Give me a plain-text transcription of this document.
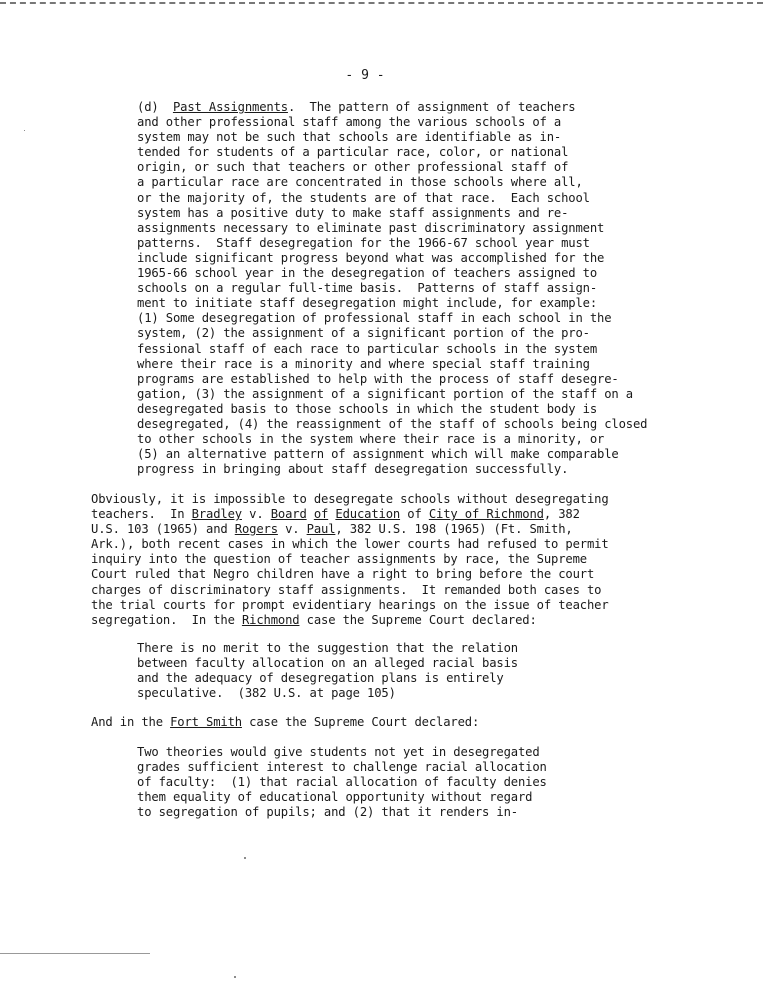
- 9 -
(d) Past Assignments.  The pattern of assignment of teachers
and other professional staff among the various schools of a
system may not be such that schools are identifiable as in-
tended for students of a particular race, color, or national
origin, or such that teachers or other professional staff of
a particular race are concentrated in those schools where all,
or the majority of, the students are of that race.  Each school
system has a positive duty to make staff assignments and re-
assignments necessary to eliminate past discriminatory assignment
patterns.  Staff desegregation for the 1966-67 school year must
include significant progress beyond what was accomplished for the
1965-66 school year in the desegregation of teachers assigned to
schools on a regular full-time basis.  Patterns of staff assign-
ment to initiate staff desegregation might include, for example:
(1) Some desegregation of professional staff in each school in the
system, (2) the assignment of a significant portion of the pro-
fessional staff of each race to particular schools in the system
where their race is a minority and where special staff training
programs are established to help with the process of staff desegre-
gation, (3) the assignment of a significant portion of the staff on a
desegregated basis to those schools in which the student body is
desegregated, (4) the reassignment of the staff of schools being closed
to other schools in the system where their race is a minority, or
(5) an alternative pattern of assignment which will make comparable
progress in bringing about staff desegregation successfully.
Obviously, it is impossible to desegregate schools without desegregating
teachers.  In Bradley v. Board of Education of City of Richmond, 382
U.S. 103 (1965) and Rogers v. Paul, 382 U.S. 198 (1965) (Ft. Smith,
Ark.), both recent cases in which the lower courts had refused to permit
inquiry into the question of teacher assignments by race, the Supreme
Court ruled that Negro children have a right to bring before the court
charges of discriminatory staff assignments.  It remanded both cases to
the trial courts for prompt evidentiary hearings on the issue of teacher
segregation.  In the Richmond case the Supreme Court declared:
There is no merit to the suggestion that the relation
between faculty allocation on an alleged racial basis
and the adequacy of desegregation plans is entirely
speculative.  (382 U.S. at page 105)
And in the Fort Smith case the Supreme Court declared:
Two theories would give students not yet in desegregated
grades sufficient interest to challenge racial allocation
of faculty:  (1) that racial allocation of faculty denies
them equality of educational opportunity without regard
to segregation of pupils; and (2) that it renders in-
